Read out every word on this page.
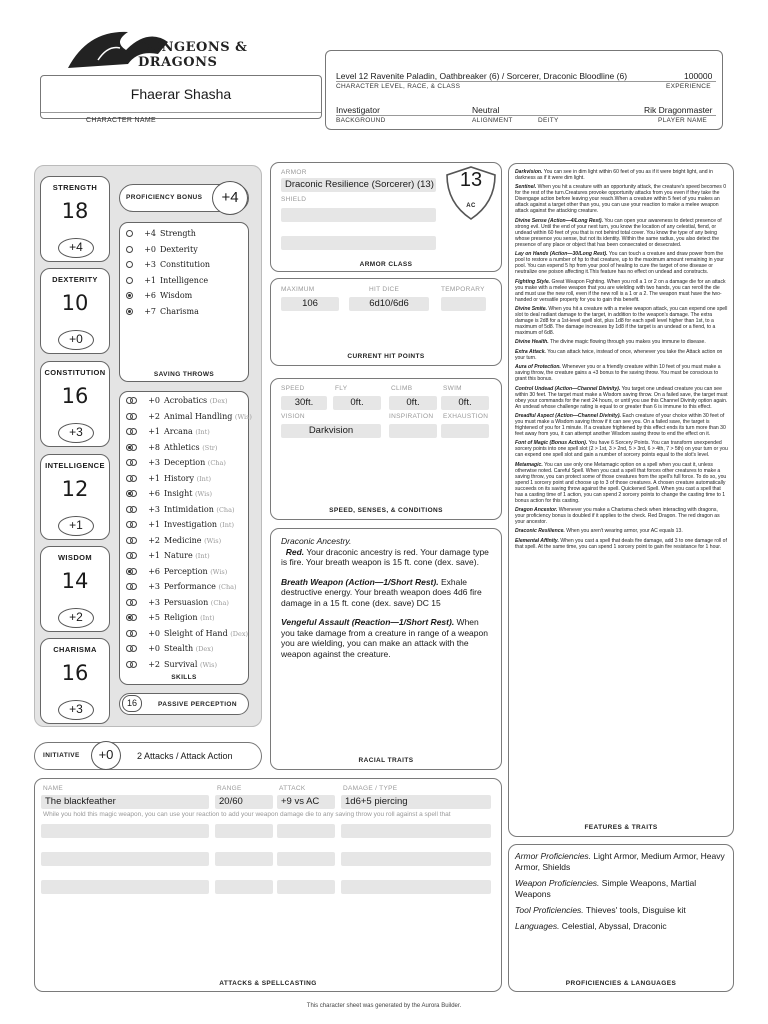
DUNGEONS & DRAGONS
Fhaerar Shasha
CHARACTER NAME
Level 12 Ravenite Paladin, Oathbreaker (6) / Sorcerer, Draconic Bloodline (6)	100000
CHARACTER LEVEL, RACE, & CLASS	EXPERIENCE
Investigator	Neutral	Rik Dragonmaster
BACKGROUND	ALIGNMENT	DEITY	PLAYER NAME
STRENGTH
18
+4
DEXTERITY
10
+0
CONSTITUTION
16
+3
INTELLIGENCE
12
+1
WISDOM
14
+2
CHARISMA
16
+3
PROFICIENCY BONUS	+4
+4 Strength
+0 Dexterity
+3 Constitution
+1 Intelligence
+6 Wisdom
+7 Charisma
SAVING THROWS
+0 Acrobatics (Dex)
+2 Animal Handling (Wis)
+1 Arcana (Int)
+8 Athletics (Str)
+3 Deception (Cha)
+1 History (Int)
+6 Insight (Wis)
+3 Intimidation (Cha)
+1 Investigation (Int)
+2 Medicine (Wis)
+1 Nature (Int)
+6 Perception (Wis)
+3 Performance (Cha)
+3 Persuasion (Cha)
+5 Religion (Int)
+0 Sleight of Hand (Dex)
+0 Stealth (Dex)
+2 Survival (Wis)
SKILLS
16	PASSIVE PERCEPTION
INITIATIVE	+0	2 Attacks / Attack Action
ARMOR
Draconic Resilience (Sorcerer) (13)
SHIELD
13
AC
ARMOR CLASS
MAXIMUM	HIT DICE	TEMPORARY
106	6d10/6d6
CURRENT HIT POINTS
SPEED	FLY	CLIMB	SWIM
30ft.	0ft.	0ft.	0ft.
VISION	INSPIRATION EXHAUSTION
Darkvision
SPEED, SENSES, & CONDITIONS

Draconic Ancestry.
Red. Your draconic ancestry is red. Your damage type is fire. Your breath weapon is 15 ft. cone (dex. save).

Breath Weapon (Action—1/Short Rest). Exhale destructive energy. Your breath weapon does 4d6 fire damage in a 15 ft. cone (dex. save) DC 15

Vengeful Assault (Reaction—1/Short Rest). When you take damage from a creature in range of a weapon you are wielding, you can make an attack with the weapon against the creature.

RACIAL TRAITS
NAME	RANGE	ATTACK	DAMAGE / TYPE
The blackfeather	20/60	+9 vs AC	1d6+5 piercing
While you hold this magic weapon, you can use your reaction to add your weapon damage die to any saving throw you roll against a spell that
ATTACKS & SPELLCASTING

Darkvision. You can see in dim light within 60 feet of you as if it were bright light, and in darkness as if it were dim light.

Sentinel. When you hit a creature with an opportunity attack, the creature's speed becomes 0 for the rest of the turn.Creatures provoke opportunity attacks from you even if they take the Disengage action before leaving your reach.When a creature within 5 feet of you makes an attack against a target other than you, you can use your reaction to make a melee weapon attack against the attacking creature.

Divine Sense (Action—4/Long Rest). You can open your awareness to detect presence of strong evil. Until the end of your next turn, you know the location of any celestial, fiend, or undead within 60 feet of you that is not behind total cover. You know the type of any being whose presence you sense, but not its identity. Within the same radius, you also detect the presence of any place or object that has been consecrated or desecrated.

Lay on Hands (Action—30/Long Rest). You can touch a creature and draw power from the pool to restore a number of hp to that creature, up to the maximum amount remaining in your pool. You can expend 5 hp from your pool of healing to cure the target of one disease or neutralize one poison affecting it.This feature has no effect on undead and constructs.

Fighting Style. Great Weapon Fighting. When you roll a 1 or 2 on a damage die for an attack you make with a melee weapon that you are wielding with two hands, you can reroll the die and must use the new roll, even if the new roll is a 1 or a 2. The weapon must have the two-handed or versatile property for you to gain this benefit.

Divine Smite. When you hit a creature with a melee weapon attack, you can expend one spell slot to deal radiant damage to the target, in addition to the weapon's damage. The extra damage is 2d8 for a 1st-level spell slot, plus 1d8 for each spell level higher than 1st, to a maximum of 5d8. The damage increases by 1d8 if the target is an undead or a fiend, to a maximum of 6d8.

Divine Health. The divine magic flowing through you makes you immune to disease.

Extra Attack. You can attack twice, instead of once, whenever you take the Attack action on your turn.

Aura of Protection. Whenever you or a friendly creature within 10 feet of you must make a saving throw, the creature gains a +3 bonus to the saving throw. You must be conscious to grant this bonus.

Control Undead (Action—Channel Divinity). You target one undead creature you can see within 30 feet. The target must make a Wisdom saving throw. On a failed save, the target must obey your commands for the next 24 hours, or until you use this Channel Divinity option again. An undead whose challenge rating is equal to or greater than 6 is immune to this effect.

Dreadful Aspect (Action—Channel Divinity). Each creature of your choice within 30 feet of you must make a Wisdom saving throw if it can see you. On a failed save, the target is frightened of you for 1 minute. If a creature frightened by this effect ends its turn more than 30 feet away from you, it can attempt another Wisdom saving throw to end the effect on it.

Font of Magic (Bonus Action). You have 6 Sorcery Points. You can transform unexpended sorcery points into one spell slot (2 > 1st, 3 > 2nd, 5 > 3rd, 6 > 4th, 7 > 5th) on your turn or you can expend one spell slot and gain a number of sorcery points equal to the slot's level.

Metamagic. You can use only one Metamagic option on a spell when you cast it, unless otherwise noted. Careful Spell. When you cast a spell that forces other creatures to make a saving throw, you can protect some of those creatures from the spell's full force. To do so, you spend 1 sorcery point and choose up to 3 of those creatures. A chosen creature automatically succeeds on its saving throw against the spell. Quickened Spell. When you cast a spell that has a casting time of 1 action, you can spend 2 sorcery points to change the casting time to 1 bonus action for this casting.

Dragon Ancestor. Whenever you make a Charisma check when interacting with dragons, your proficiency bonus is doubled if it applies to the check. Red Dragon. The red dragon as your ancestor.

Draconic Resilience. When you aren't wearing armor, your AC equals 13.

Elemental Affinity. When you cast a spell that deals fire damage, add 3 to one damage roll of that spell. At the same time, you can spend 1 sorcery point to gain fire resistance for 1 hour.

FEATURES & TRAITS

Armor Proficiencies. Light Armor, Medium Armor, Heavy Armor, Shields

Weapon Proficiencies. Simple Weapons, Martial Weapons

Tool Proficiencies. Thieves' tools, Disguise kit

Languages. Celestial, Abyssal, Draconic

PROFICIENCIES & LANGUAGES
This character sheet was generated by the Aurora Builder.
